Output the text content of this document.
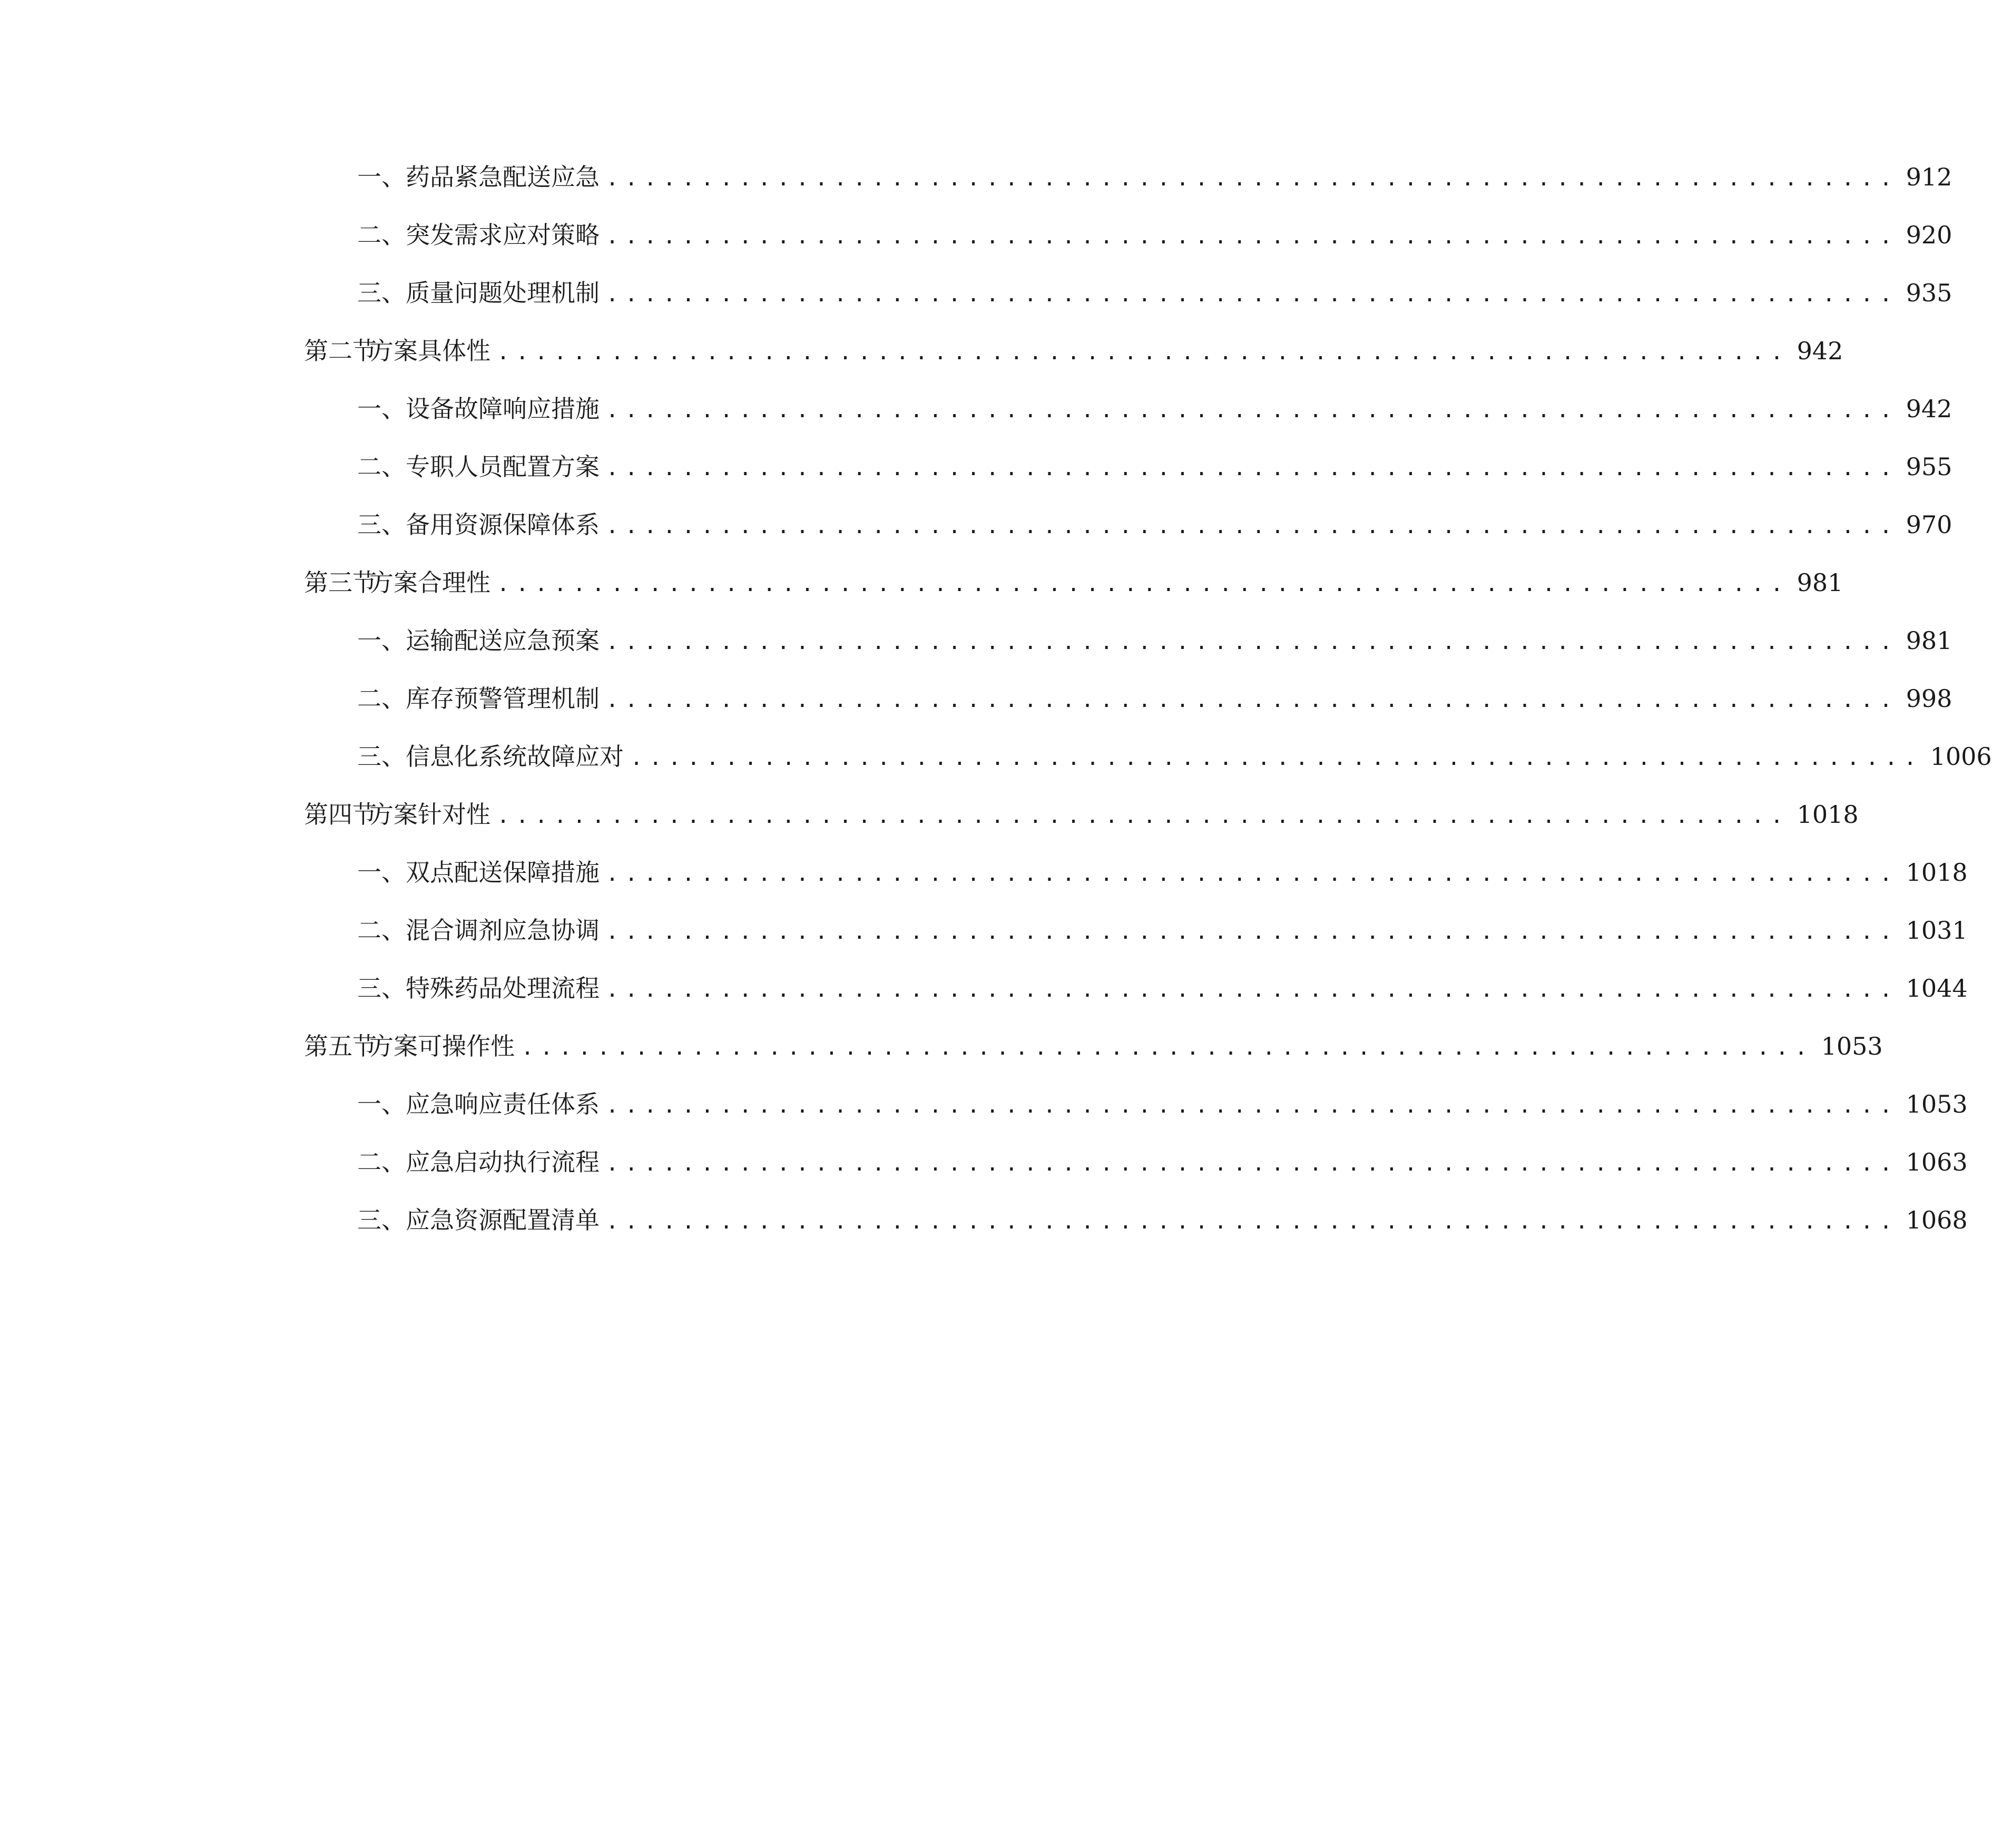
一、 药品紧急配送应急 .................................................................... 912
二、 突发需求应对策略 .................................................................... 920
三、 质量问题处理机制 .................................................................... 935
第二节
方案具体性 .................................................................... 942
一、 设备故障响应措施 .................................................................... 942
二、 专职人员配置方案 .................................................................... 955
三、 备用资源保障体系 .................................................................... 970
第三节
方案合理性 .................................................................... 981
一、 运输配送应急预案 .................................................................... 981
二、 库存预警管理机制 .................................................................... 998
三、 信息化系统故障应对 .................................................................... 1006
第四节
方案针对性 .................................................................... 1018
一、 双点配送保障措施 .................................................................... 1018
二、 混合调剂应急协调 .................................................................... 1031
三、 特殊药品处理流程 .................................................................... 1044
第五节
方案可操作性 .................................................................... 1053
一、 应急响应责任体系 .................................................................... 1053
二、 应急启动执行流程 .................................................................... 1063
三、 应急资源配置清单 .................................................................... 1068
